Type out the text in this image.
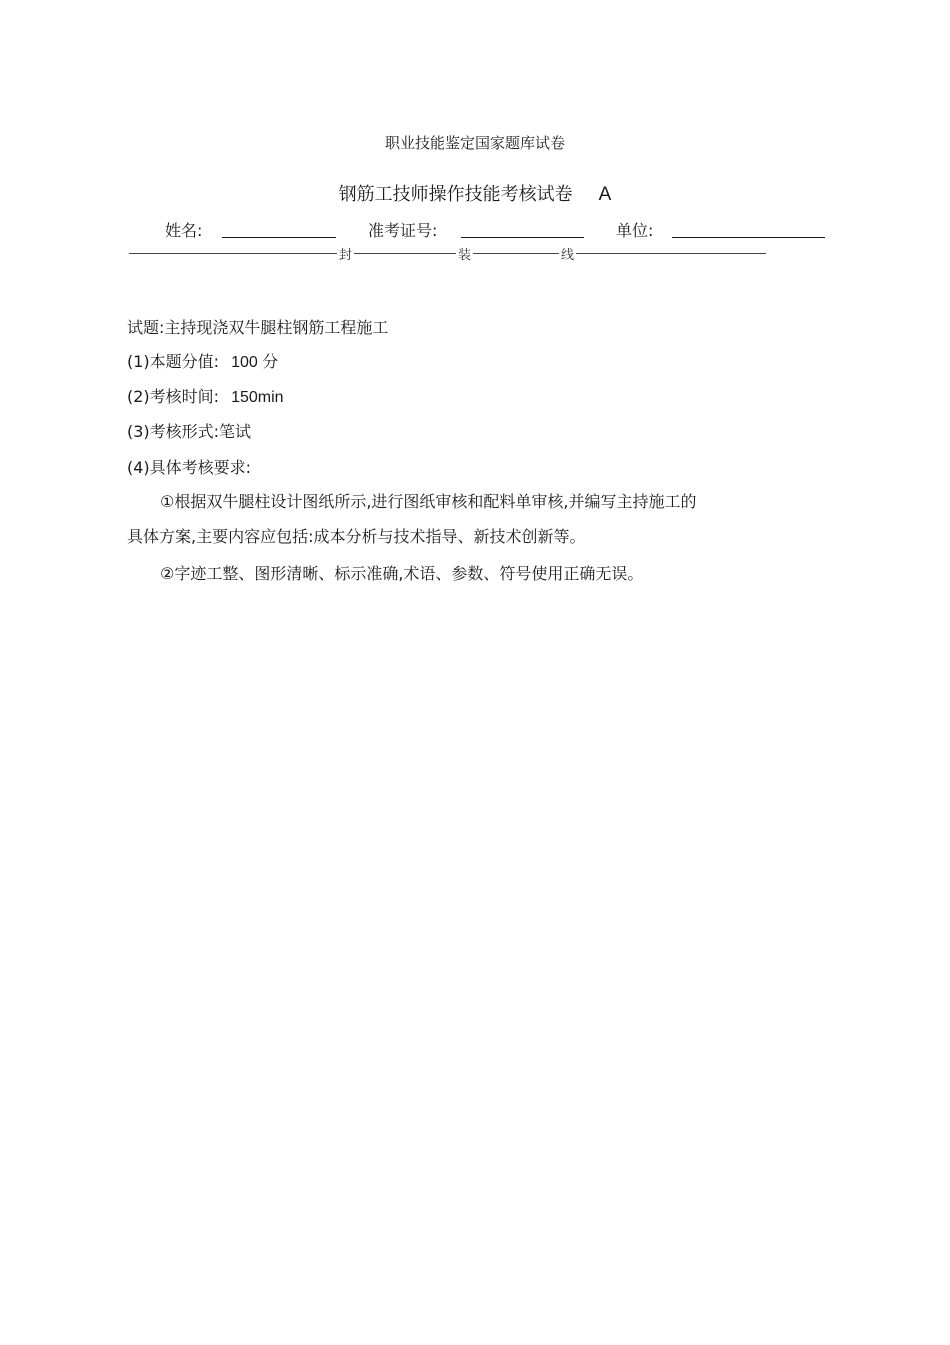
职业技能鉴定国家题库试卷
钢筋工技师操作技能考核试卷 A
姓名:	准考证号:	单位:
封	装	线
试题:主持现浇双牛腿柱钢筋工程施工
(1)本题分值: 100 分
(2)考核时间: 150min
(3)考核形式:笔试
(4)具体考核要求:
①根据双牛腿柱设计图纸所示,进行图纸审核和配料单审核,并编写主持施工的
具体方案,主要内容应包括:成本分析与技术指导、新技术创新等。
②字迹工整、图形清晰、标示准确,术语、参数、符号使用正确无误。
